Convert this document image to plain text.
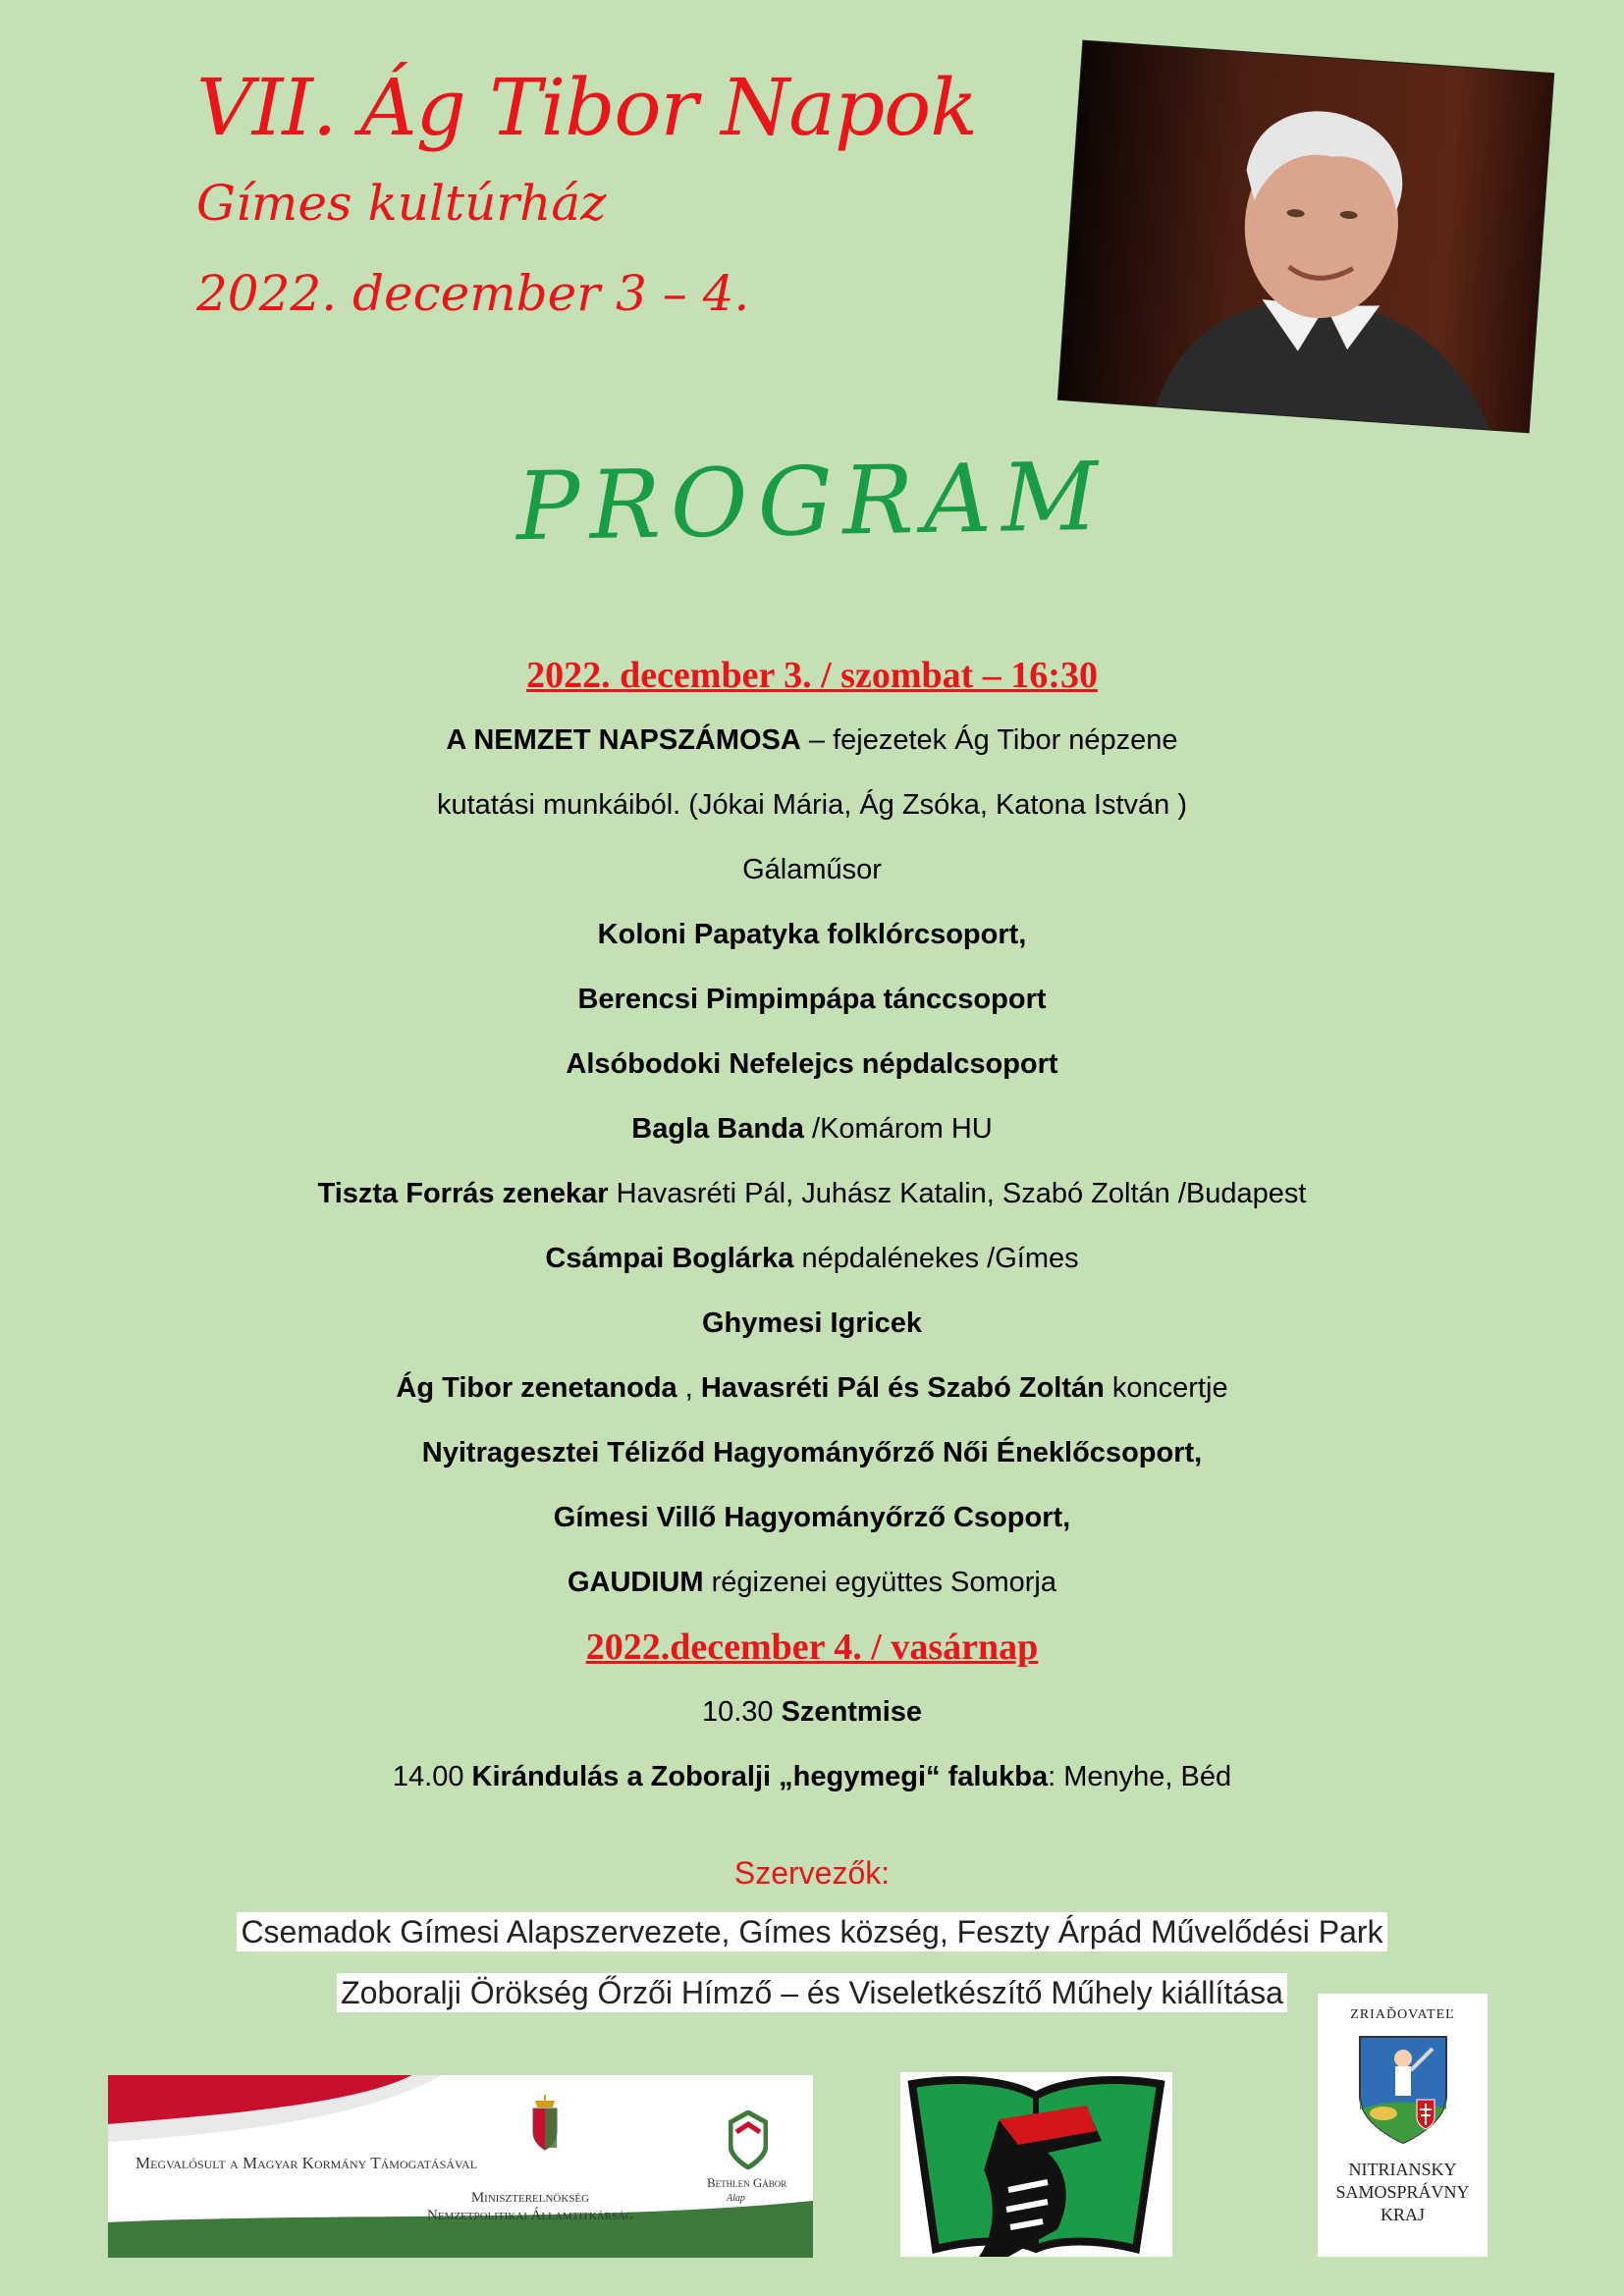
VII. Ág Tibor Napok
Gímes kultúrház
2022. december 3 – 4.
PROGRAM
2022. december 3. / szombat – 16:30
A NEMZET NAPSZÁMOSA – fejezetek Ág Tibor népzene
kutatási munkáiból. (Jókai Mária, Ág Zsóka, Katona István )
Gálaműsor
Koloni Papatyka folklórcsoport,
Berencsi Pimpimpápa tánccsoport
Alsóbodoki Nefelejcs népdalcsoport
Bagla Banda /Komárom HU
Tiszta Forrás zenekar Havasréti Pál, Juhász Katalin, Szabó Zoltán /Budapest
Csámpai Boglárka népdalénekes /Gímes
Ghymesi Igricek
Ág Tibor zenetanoda , Havasréti Pál és Szabó Zoltán koncertje
Nyitragesztei Téliződ Hagyományőrző Női Éneklőcsoport,
Gímesi Villő Hagyományőrző Csoport,
GAUDIUM régizenei együttes Somorja
2022.december 4. / vasárnap
10.30 Szentmise
14.00 Kirándulás a Zoboralji „hegymegi“ falukba: Menyhe, Béd
Szervezők:
Csemadok Gímesi Alapszervezete, Gímes község, Feszty Árpád Művelődési Park
Zoboralji Örökség Őrzői Hímző – és Viseletkészítő Műhely kiállítása
Megvalósult a Magyar Kormány Támogatásával
Miniszterelnökség
Nemzetpolitikai Államtitkárság
Bethlen Gábor
Alap
ZRIAĎOVATEĽ
NITRIANSKY
SAMOSPRÁVNY
KRAJ
